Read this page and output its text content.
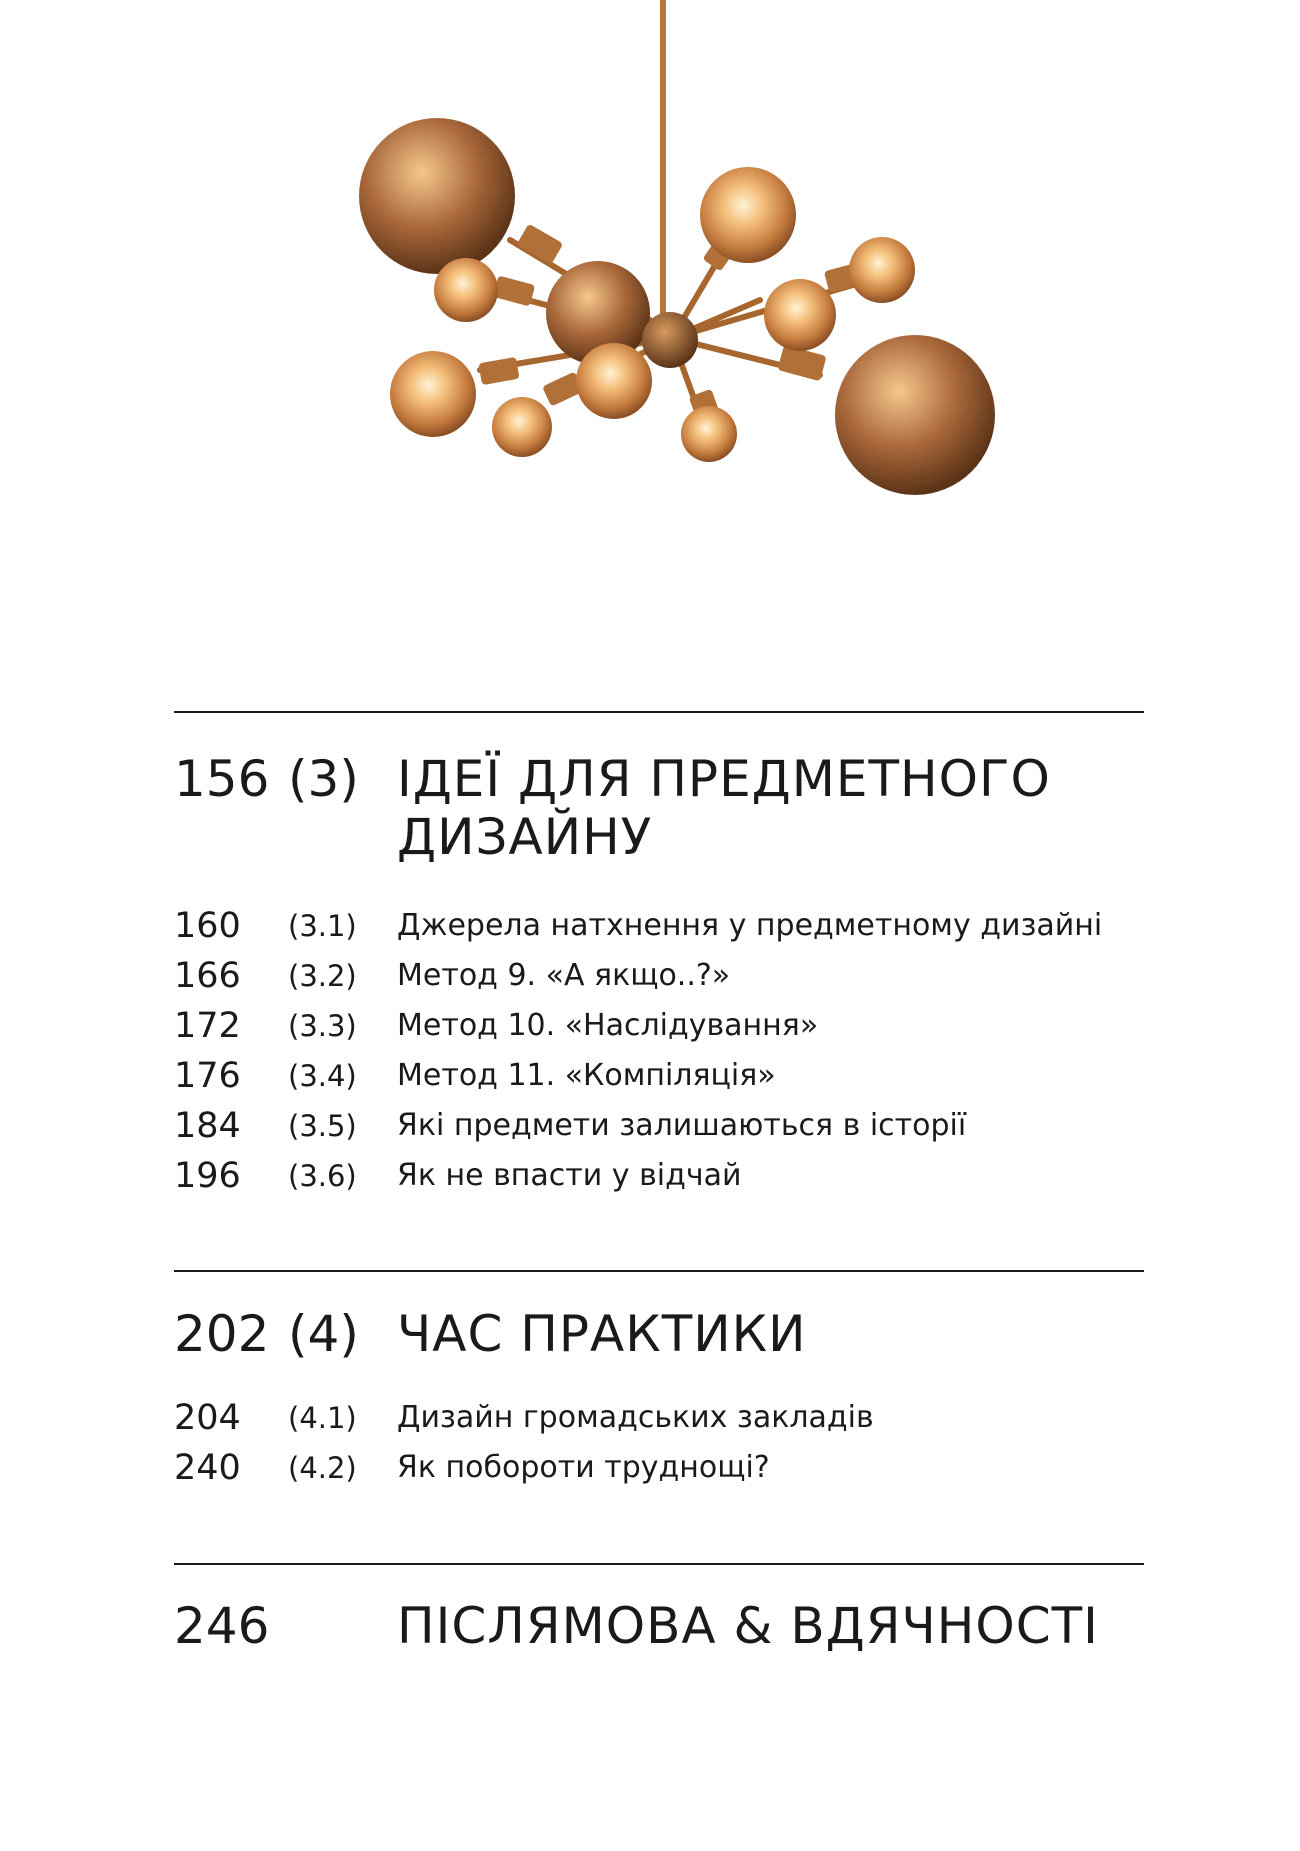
156 (3) ІДЕЇ ДЛЯ ПРЕДМЕТНОГО ДИЗАЙНУ
160 (3.1) Джерела натхнення у предметному дизайні
166 (3.2) Метод 9. «А якщо..?»
172 (3.3) Метод 10. «Наслідування»
176 (3.4) Метод 11. «Компіляція»
184 (3.5) Які предмети залишаються в історії
196 (3.6) Як не впасти у відчай
202 (4) ЧАС ПРАКТИКИ
204 (4.1) Дизайн громадських закладів
240 (4.2) Як побороти труднощі?
246	ПІСЛЯМОВА & ВДЯЧНОСТІ
